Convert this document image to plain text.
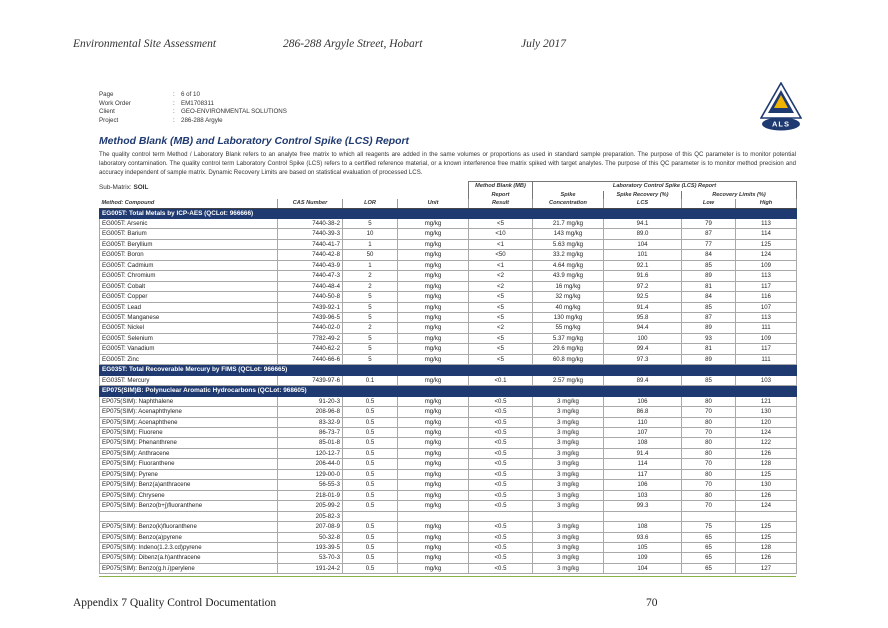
Environmental Site Assessment	286-288 Argyle Street, Hobart	July 2017
Page	:	6 of 10
Work Order	:	EM1708311
Client	:	GEO-ENVIRONMENTAL SOLUTIONS
Project	:	286-288 Argyle	ALS
Method Blank (MB) and Laboratory Control Spike (LCS) Report
The quality control term Method / Laboratory Blank refers to an analyte free matrix to which all reagents are added in the same volumes or proportions as used in standard sample preparation. The purpose of this QC parameter is to monitor potential laboratory contamination. The quality control term Laboratory Control Spike (LCS) refers to a certified reference material, or a known interference free matrix spiked with target analytes. The purpose of this QC parameter is to monitor method precision and accuracy independent of sample matrix. Dynamic Recovery Limits are based on statistical evaluation of processed LCS.
Sub-Matrix: SOIL
				Method Blank (MB)	Laboratory Control Spike (LCS) Report			
				Report	Spike	Spike Recovery (%)	Recovery Limits (%)	
Method: Compound	CAS Number	LOR	Unit	Result	Concentration	LCS	Low	High
EG005T: Total Metals by ICP-AES (QCLot: 966666)								
EG005T: Arsenic	7440-38-2	5	mg/kg	<5	21.7 mg/kg	94.1	79	113
EG005T: Barium	7440-39-3	10	mg/kg	<10	143 mg/kg	89.0	87	114
EG005T: Beryllium	7440-41-7	1	mg/kg	<1	5.63 mg/kg	104	77	125
EG005T: Boron	7440-42-8	50	mg/kg	<50	33.2 mg/kg	101	84	124
EG005T: Cadmium	7440-43-9	1	mg/kg	<1	4.64 mg/kg	92.1	85	109
EG005T: Chromium	7440-47-3	2	mg/kg	<2	43.9 mg/kg	91.6	89	113
EG005T: Cobalt	7440-48-4	2	mg/kg	<2	16 mg/kg	97.2	81	117
EG005T: Copper	7440-50-8	5	mg/kg	<5	32 mg/kg	92.5	84	116
EG005T: Lead	7439-92-1	5	mg/kg	<5	40 mg/kg	91.4	85	107
EG005T: Manganese	7439-96-5	5	mg/kg	<5	130 mg/kg	95.8	87	113
EG005T: Nickel	7440-02-0	2	mg/kg	<2	55 mg/kg	94.4	89	111
EG005T: Selenium	7782-49-2	5	mg/kg	<5	5.37 mg/kg	100	93	109
EG005T: Vanadium	7440-62-2	5	mg/kg	<5	29.6 mg/kg	99.4	81	117
EG005T: Zinc	7440-66-6	5	mg/kg	<5	60.8 mg/kg	97.3	89	111
EG035T: Total Recoverable Mercury by FIMS (QCLot: 966665)								
EG035T: Mercury	7439-97-6	0.1	mg/kg	<0.1	2.57 mg/kg	89.4	85	103
EP075(SIM)B: Polynuclear Aromatic Hydrocarbons (QCLot: 968605)								
EP075(SIM): Naphthalene	91-20-3	0.5	mg/kg	<0.5	3 mg/kg	106	80	121
EP075(SIM): Acenaphthylene	208-96-8	0.5	mg/kg	<0.5	3 mg/kg	86.8	70	130
EP075(SIM): Acenaphthene	83-32-9	0.5	mg/kg	<0.5	3 mg/kg	110	80	120
EP075(SIM): Fluorene	86-73-7	0.5	mg/kg	<0.5	3 mg/kg	107	70	124
EP075(SIM): Phenanthrene	85-01-8	0.5	mg/kg	<0.5	3 mg/kg	108	80	122
EP075(SIM): Anthracene	120-12-7	0.5	mg/kg	<0.5	3 mg/kg	91.4	80	126
EP075(SIM): Fluoranthene	206-44-0	0.5	mg/kg	<0.5	3 mg/kg	114	70	128
EP075(SIM): Pyrene	129-00-0	0.5	mg/kg	<0.5	3 mg/kg	117	80	125
EP075(SIM): Benz(a)anthracene	56-55-3	0.5	mg/kg	<0.5	3 mg/kg	106	70	130
EP075(SIM): Chrysene	218-01-9	0.5	mg/kg	<0.5	3 mg/kg	103	80	126
EP075(SIM): Benzo(b+j)fluoranthene	205-99-2	0.5	mg/kg	<0.5	3 mg/kg	99.3	70	124
	205-82-3							
EP075(SIM): Benzo(k)fluoranthene	207-08-9	0.5	mg/kg	<0.5	3 mg/kg	108	75	125
EP075(SIM): Benzo(a)pyrene	50-32-8	0.5	mg/kg	<0.5	3 mg/kg	93.6	65	125
EP075(SIM): Indeno(1.2.3.cd)pyrene	193-39-5	0.5	mg/kg	<0.5	3 mg/kg	105	65	128
EP075(SIM): Dibenz(a.h)anthracene	53-70-3	0.5	mg/kg	<0.5	3 mg/kg	109	65	126
EP075(SIM): Benzo(g.h.i)perylene	191-24-2	0.5	mg/kg	<0.5	3 mg/kg	104	65	127
Appendix 7 Quality Control Documentation	70
